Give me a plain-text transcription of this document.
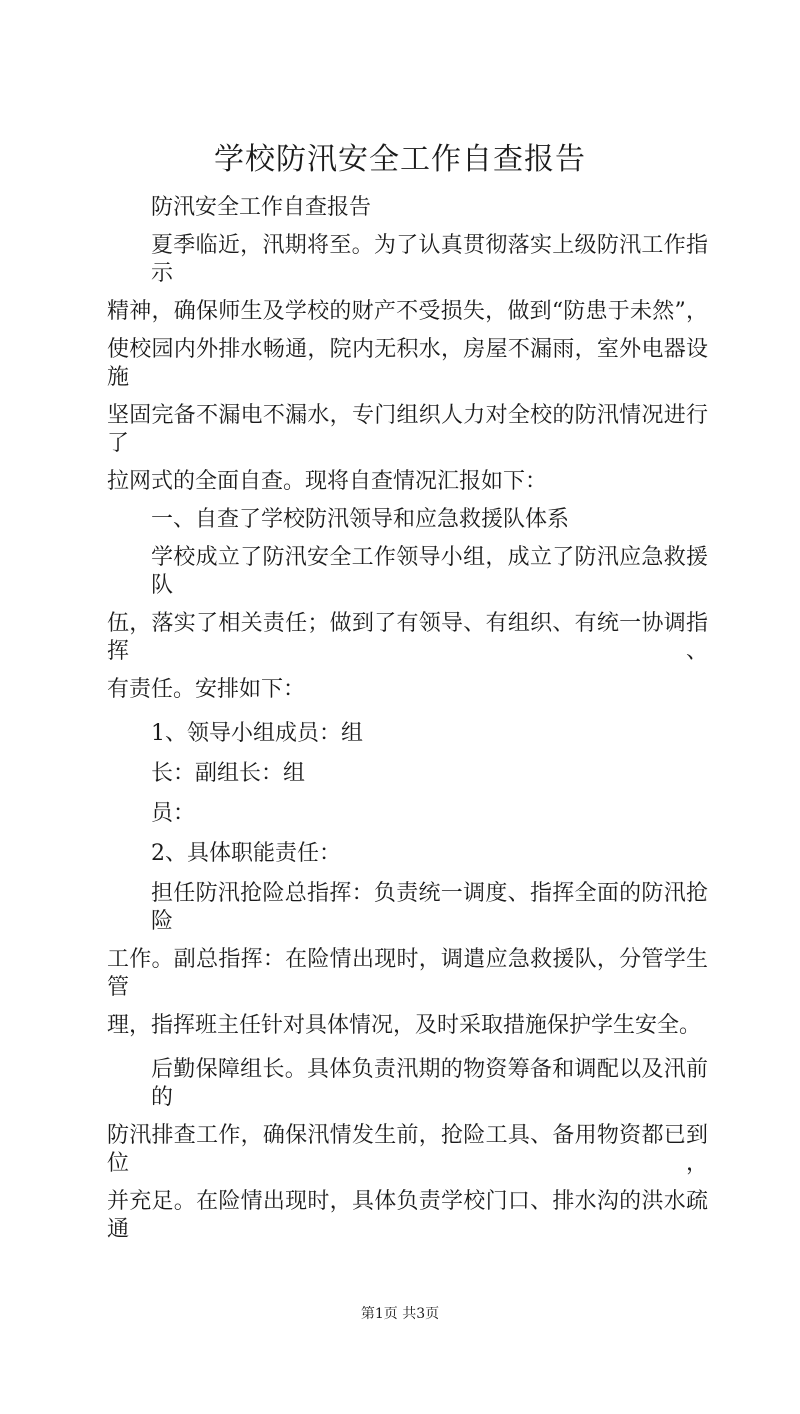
学校防汛安全工作自查报告
防汛安全工作自查报告
夏季临近，汛期将至。为了认真贯彻落实上级防汛工作指示
精神，确保师生及学校的财产不受损失，做到“防患于未然”，
使校园内外排水畅通，院内无积水，房屋不漏雨，室外电器设施
坚固完备不漏电不漏水，专门组织人力对全校的防汛情况进行了
拉网式的全面自查。现将自查情况汇报如下：
一、自查了学校防汛领导和应急救援队体系
学校成立了防汛安全工作领导小组，成立了防汛应急救援队
伍，落实了相关责任；做到了有领导、有组织、有统一协调指挥、
有责任。安排如下：
1、领导小组成员：组
长：副组长：组
员：
2、具体职能责任：
担任防汛抢险总指挥：负责统一调度、指挥全面的防汛抢险
工作。副总指挥：在险情出现时，调遣应急救援队，分管学生管
理，指挥班主任针对具体情况，及时采取措施保护学生安全。
后勤保障组长。具体负责汛期的物资筹备和调配以及汛前的
防汛排查工作，确保汛情发生前，抢险工具、备用物资都已到位，
并充足。在险情出现时，具体负责学校门口、排水沟的洪水疏通
第1页 共3页
